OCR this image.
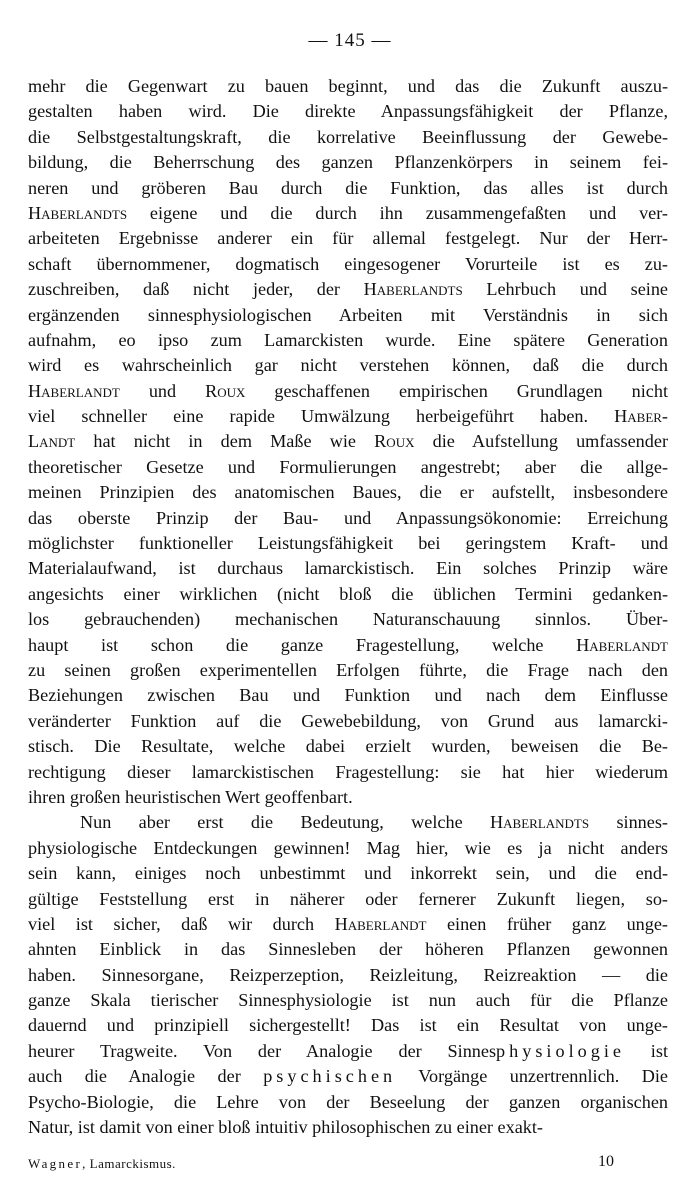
— 145 —
mehr die Gegenwart zu bauen beginnt, und das die Zukunft auszu-
gestalten haben wird. Die direkte Anpassungsfähigkeit der Pflanze,
die Selbstgestaltungskraft, die korrelative Beeinflussung der Gewebe-
bildung, die Beherrschung des ganzen Pflanzenkörpers in seinem fei-
neren und gröberen Bau durch die Funktion, das alles ist durch
Haberlandts eigene und die durch ihn zusammengefaßten und ver-
arbeiteten Ergebnisse anderer ein für allemal festgelegt. Nur der Herr-
schaft übernommener, dogmatisch eingesogener Vorurteile ist es zu-
zuschreiben, daß nicht jeder, der Haberlandts Lehrbuch und seine
ergänzenden sinnesphysiologischen Arbeiten mit Verständnis in sich
aufnahm, eo ipso zum Lamarckisten wurde. Eine spätere Generation
wird es wahrscheinlich gar nicht verstehen können, daß die durch
Haberlandt und Roux geschaffenen empirischen Grundlagen nicht
viel schneller eine rapide Umwälzung herbeigeführt haben. Haber-
Landt hat nicht in dem Maße wie Roux die Aufstellung umfassender
theoretischer Gesetze und Formulierungen angestrebt; aber die allge-
meinen Prinzipien des anatomischen Baues, die er aufstellt, insbesondere
das oberste Prinzip der Bau- und Anpassungsökonomie: Erreichung
möglichster funktioneller Leistungsfähigkeit bei geringstem Kraft- und
Materialaufwand, ist durchaus lamarckistisch. Ein solches Prinzip wäre
angesichts einer wirklichen (nicht bloß die üblichen Termini gedanken-
los gebrauchenden) mechanischen Naturanschauung sinnlos. Über-
haupt ist schon die ganze Fragestellung, welche Haberlandt
zu seinen großen experimentellen Erfolgen führte, die Frage nach den
Beziehungen zwischen Bau und Funktion und nach dem Einflusse
veränderter Funktion auf die Gewebebildung, von Grund aus lamarcki-
stisch. Die Resultate, welche dabei erzielt wurden, beweisen die Be-
rechtigung dieser lamarckistischen Fragestellung: sie hat hier wiederum
ihren großen heuristischen Wert geoffenbart.
Nun aber erst die Bedeutung, welche Haberlandts sinnes-
physiologische Entdeckungen gewinnen! Mag hier, wie es ja nicht anders
sein kann, einiges noch unbestimmt und inkorrekt sein, und die end-
gültige Feststellung erst in näherer oder fernerer Zukunft liegen, so-
viel ist sicher, daß wir durch Haberlandt einen früher ganz unge-
ahnten Einblick in das Sinnesleben der höheren Pflanzen gewonnen
haben. Sinnesorgane, Reizperzeption, Reizleitung, Reizreaktion — die
ganze Skala tierischer Sinnesphysiologie ist nun auch für die Pflanze
dauernd und prinzipiell sichergestellt! Das ist ein Resultat von unge-
heurer Tragweite. Von der Analogie der Sinnesphysiologie ist
auch die Analogie der psychischen Vorgänge unzertrennlich. Die
Psycho-Biologie, die Lehre von der Beseelung der ganzen organischen
Natur, ist damit von einer bloß intuitiv philosophischen zu einer exakt-
Wagner, Lamarckismus.	10
